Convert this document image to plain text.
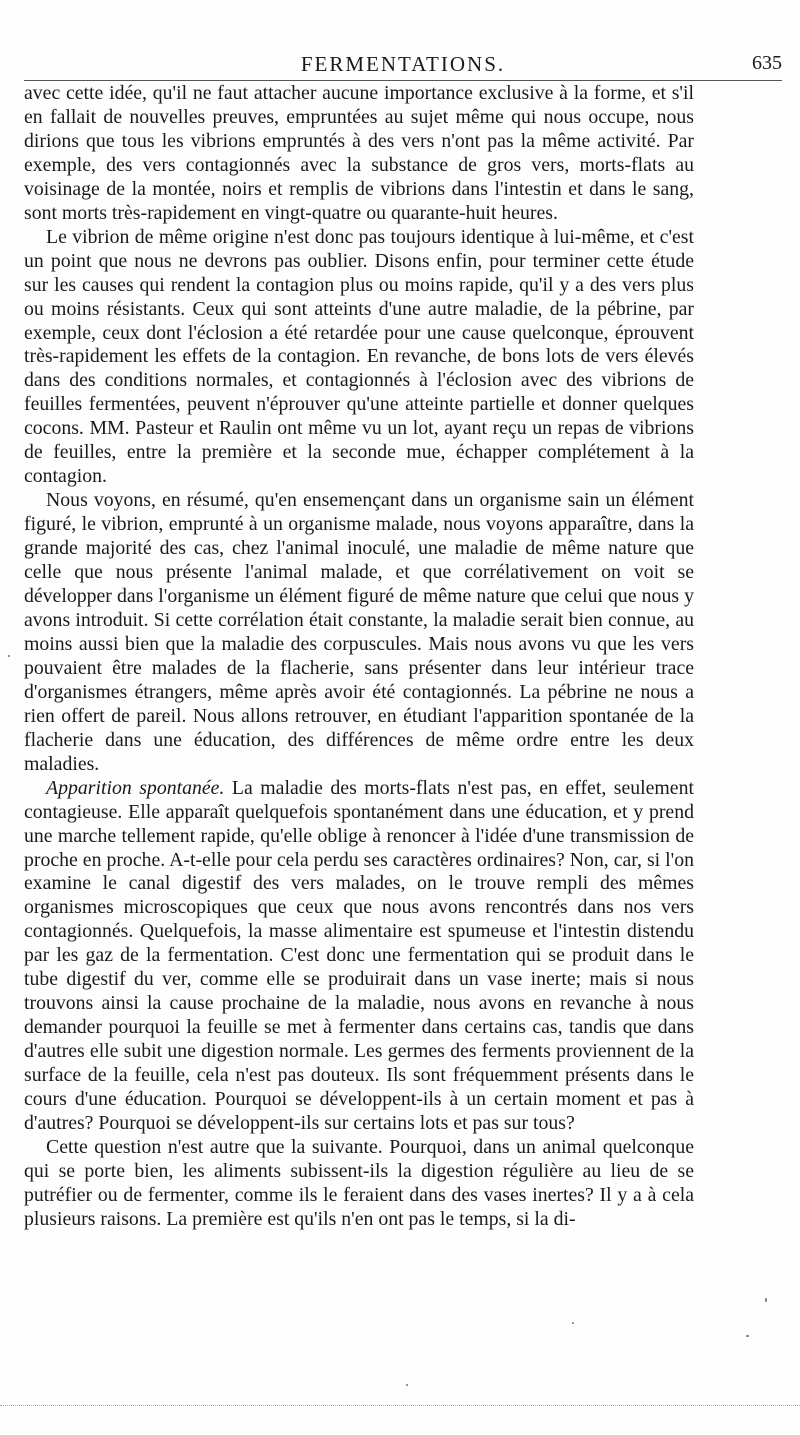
FERMENTATIONS.	635

avec cette idée, qu'il ne faut attacher aucune importance exclusive à la forme, et s'il en fallait de nouvelles preuves, empruntées au sujet même qui nous occupe, nous dirions que tous les vibrions empruntés à des vers n'ont pas la même activité. Par exemple, des vers contagionnés avec la substance de gros vers, morts-flats au voisinage de la montée, noirs et remplis de vibrions dans l'intestin et dans le sang, sont morts très-rapidement en vingt-quatre ou quarante-huit heures.

Le vibrion de même origine n'est donc pas toujours identique à lui-même, et c'est un point que nous ne devrons pas oublier. Disons enfin, pour terminer cette étude sur les causes qui rendent la contagion plus ou moins rapide, qu'il y a des vers plus ou moins résistants. Ceux qui sont atteints d'une autre maladie, de la pébrine, par exemple, ceux dont l'éclosion a été retardée pour une cause quelconque, éprouvent très-rapidement les effets de la contagion. En revanche, de bons lots de vers élevés dans des conditions normales, et contagionnés à l'éclosion avec des vibrions de feuilles fermentées, peuvent n'éprouver qu'une atteinte partielle et donner quelques cocons. MM. Pasteur et Raulin ont même vu un lot, ayant reçu un repas de vibrions de feuilles, entre la première et la seconde mue, échapper complétement à la contagion.

Nous voyons, en résumé, qu'en ensemençant dans un organisme sain un élément figuré, le vibrion, emprunté à un organisme malade, nous voyons apparaître, dans la grande majorité des cas, chez l'animal inoculé, une maladie de même nature que celle que nous présente l'animal malade, et que corrélativement on voit se développer dans l'organisme un élément figuré de même nature que celui que nous y avons introduit. Si cette corrélation était constante, la maladie serait bien connue, au moins aussi bien que la maladie des corpuscules. Mais nous avons vu que les vers pouvaient être malades de la flacherie, sans présenter dans leur intérieur trace d'organismes étrangers, même après avoir été contagionnés. La pébrine ne nous a rien offert de pareil. Nous allons retrouver, en étudiant l'apparition spontanée de la flacherie dans une éducation, des différences de même ordre entre les deux maladies.

Apparition spontanée. La maladie des morts-flats n'est pas, en effet, seulement contagieuse. Elle apparaît quelquefois spontanément dans une éducation, et y prend une marche tellement rapide, qu'elle oblige à renoncer à l'idée d'une transmission de proche en proche. A-t-elle pour cela perdu ses caractères ordinaires? Non, car, si l'on examine le canal digestif des vers malades, on le trouve rempli des mêmes organismes microscopiques que ceux que nous avons rencontrés dans nos vers contagionnés. Quelquefois, la masse alimentaire est spumeuse et l'intestin distendu par les gaz de la fermentation. C'est donc une fermentation qui se produit dans le tube digestif du ver, comme elle se produirait dans un vase inerte; mais si nous trouvons ainsi la cause prochaine de la maladie, nous avons en revanche à nous demander pourquoi la feuille se met à fermenter dans certains cas, tandis que dans d'autres elle subit une digestion normale. Les germes des ferments proviennent de la surface de la feuille, cela n'est pas douteux. Ils sont fréquemment présents dans le cours d'une éducation. Pourquoi se développent-ils à un certain moment et pas à d'autres? Pourquoi se développent-ils sur certains lots et pas sur tous?

Cette question n'est autre que la suivante. Pourquoi, dans un animal quelconque qui se porte bien, les aliments subissent-ils la digestion régulière au lieu de se putréfier ou de fermenter, comme ils le feraient dans des vases inertes? Il y a à cela plusieurs raisons. La première est qu'ils n'en ont pas le temps, si la di-
